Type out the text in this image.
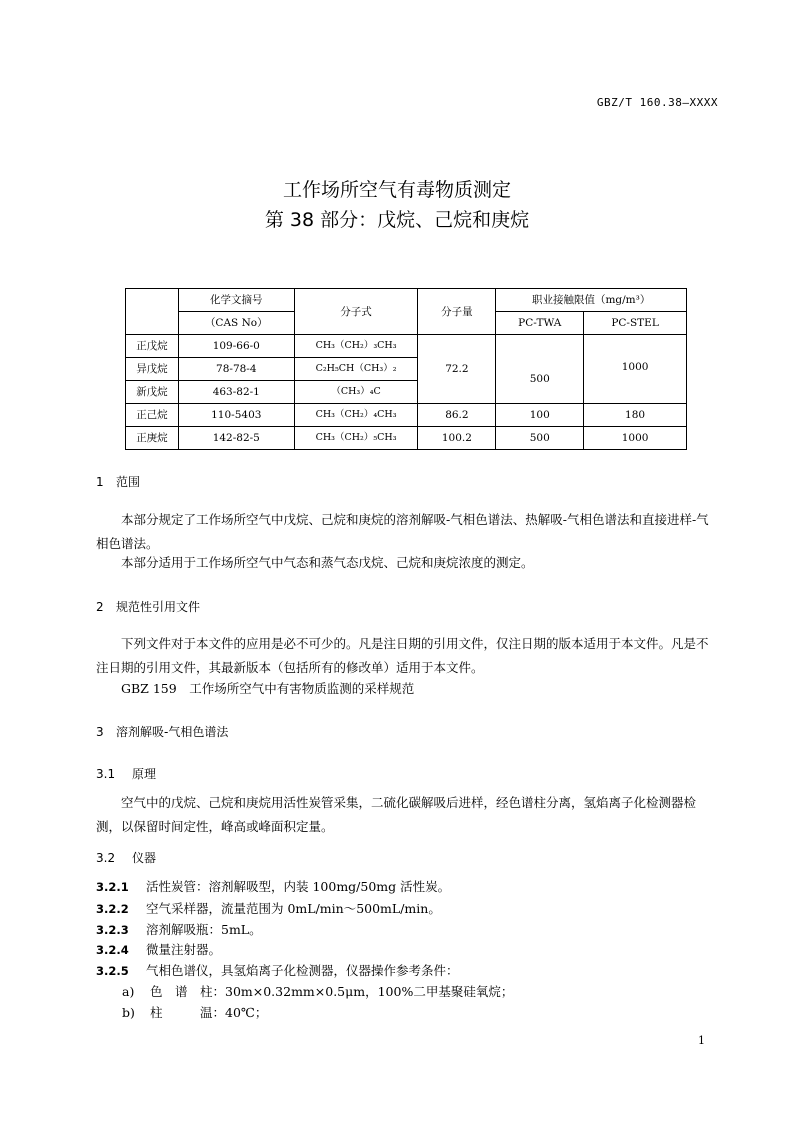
GBZ/T 160.38—XXXX
工作场所空气有毒物质测定
第 38 部分：戊烷、己烷和庚烷
	化学文摘号	分子式	分子量	职业接触限值（mg/m³）	
	（CAS No）			PC-TWA	PC-STEL
正戊烷	109-66-0	CH₃（CH₂）₃CH₃	72.2	500	1000
异戊烷	78-78-4	C₂H₅CH（CH₃）₂			
新戊烷	463-82-1	（CH₃）₄C			
正己烷	110-5403	CH₃（CH₂）₄CH₃	86.2	100	180
正庚烷	142-82-5	CH₃（CH₂）₅CH₃	100.2	500	1000
1 范围
本部分规定了工作场所空气中戊烷、己烷和庚烷的溶剂解吸-气相色谱法、热解吸-气相色谱法和直接进样-气相色谱法。
本部分适用于工作场所空气中气态和蒸气态戊烷、己烷和庚烷浓度的测定。
2 规范性引用文件
下列文件对于本文件的应用是必不可少的。凡是注日期的引用文件，仅注日期的版本适用于本文件。凡是不注日期的引用文件，其最新版本（包括所有的修改单）适用于本文件。
GBZ 159　工作场所空气中有害物质监测的采样规范
3 溶剂解吸-气相色谱法
3.1 原理
空气中的戊烷、己烷和庚烷用活性炭管采集，二硫化碳解吸后进样，经色谱柱分离，氢焰离子化检测器检测，以保留时间定性，峰高或峰面积定量。
3.2 仪器
3.2.1 活性炭管：溶剂解吸型，内装 100mg/50mg 活性炭。
3.2.2 空气采样器，流量范围为 0mL/min～500mL/min。
3.2.3 溶剂解吸瓶：5mL。
3.2.4 微量注射器。
3.2.5 气相色谱仪，具氢焰离子化检测器，仪器操作参考条件：
a) 色　谱　柱：30m×0.32mm×0.5μm，100%二甲基聚硅氧烷；
b) 柱　　　温：40℃；
1
